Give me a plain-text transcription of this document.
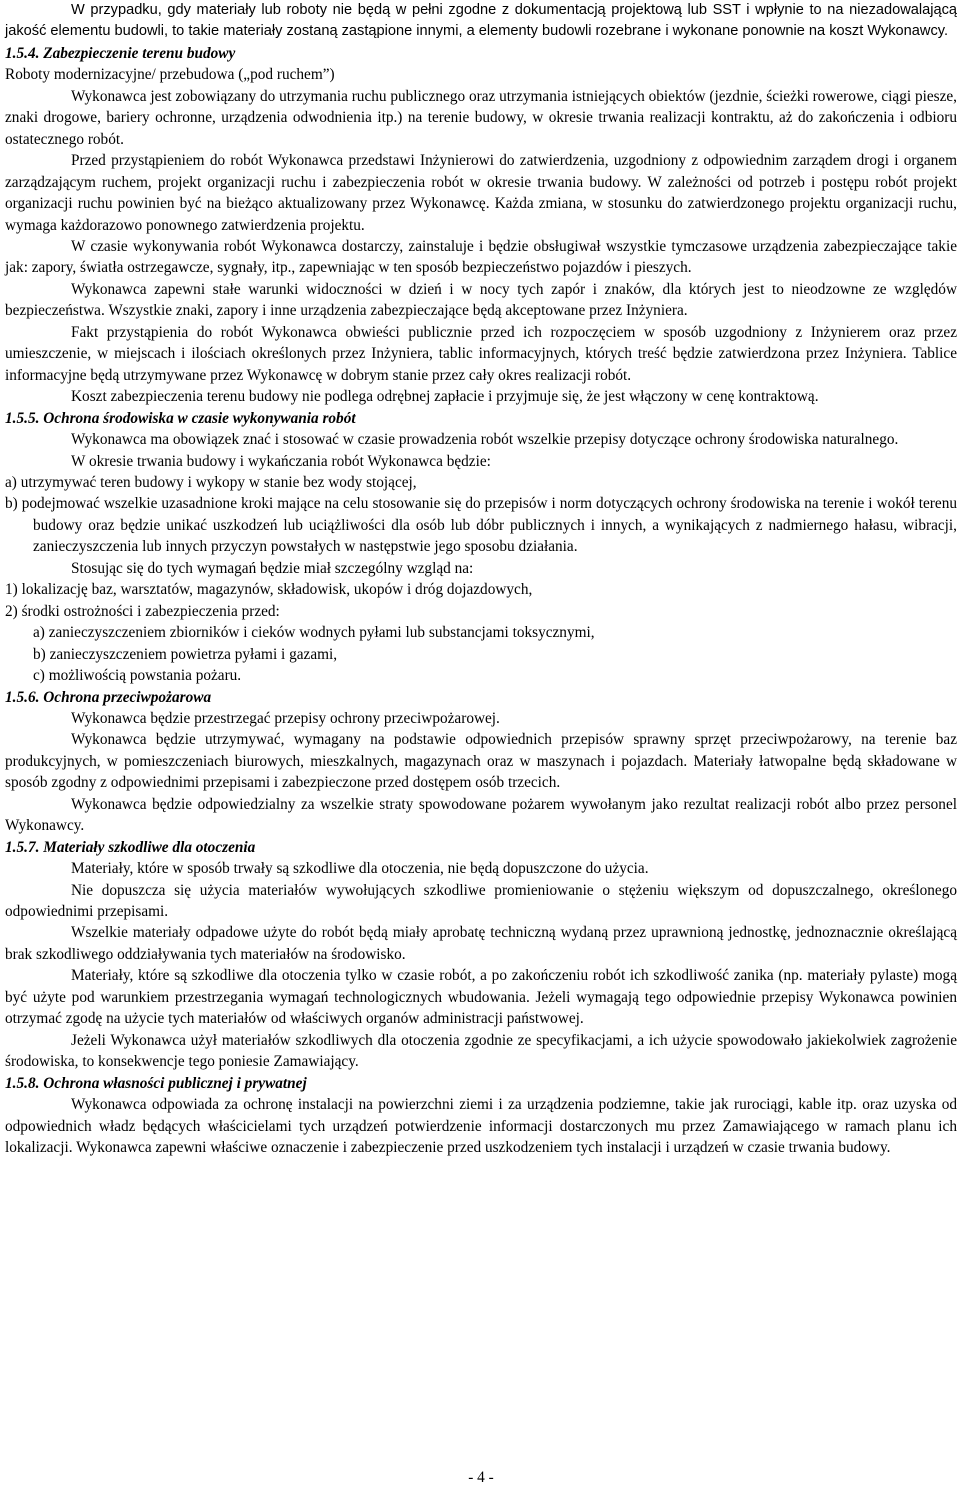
W przypadku, gdy materiały lub roboty nie będą w pełni zgodne z dokumentacją projektową lub SST i wpłynie to na niezadowalającą jakość elementu budowli, to takie materiały zostaną zastąpione innymi, a elementy budowli rozebrane i wykonane ponownie na koszt Wykonawcy.

1.5.4. Zabezpieczenie terenu budowy

Roboty modernizacyjne/ przebudowa („pod ruchem”)

Wykonawca jest zobowiązany do utrzymania ruchu publicznego oraz utrzymania istniejących obiektów (jezdnie, ścieżki rowerowe, ciągi piesze, znaki drogowe, bariery ochronne, urządzenia odwodnienia itp.) na terenie budowy, w okresie trwania realizacji kontraktu, aż do zakończenia i odbioru ostatecznego robót.

Przed przystąpieniem do robót Wykonawca przedstawi Inżynierowi do zatwierdzenia, uzgodniony z odpowiednim zarządem drogi i organem zarządzającym ruchem, projekt organizacji ruchu i zabezpieczenia robót w okresie trwania budowy. W zależności od potrzeb i postępu robót projekt organizacji ruchu powinien być na bieżąco aktualizowany przez Wykonawcę. Każda zmiana, w stosunku do zatwierdzonego projektu organizacji ruchu, wymaga każdorazowo ponownego zatwierdzenia projektu.

W czasie wykonywania robót Wykonawca dostarczy, zainstaluje i będzie obsługiwał wszystkie tymczasowe urządzenia zabezpieczające takie jak: zapory, światła ostrzegawcze, sygnały, itp., zapewniając w ten sposób bezpieczeństwo pojazdów i pieszych.

Wykonawca zapewni stałe warunki widoczności w dzień i w nocy tych zapór i znaków, dla których jest to nieodzowne ze względów bezpieczeństwa. Wszystkie znaki, zapory i inne urządzenia zabezpieczające będą akceptowane przez Inżyniera.

Fakt przystąpienia do robót Wykonawca obwieści publicznie przed ich rozpoczęciem w sposób uzgodniony z Inżynierem oraz przez umieszczenie, w miejscach i ilościach określonych przez Inżyniera, tablic informacyjnych, których treść będzie zatwierdzona przez Inżyniera. Tablice informacyjne będą utrzymywane przez Wykonawcę w dobrym stanie przez cały okres realizacji robót.

Koszt zabezpieczenia terenu budowy nie podlega odrębnej zapłacie i przyjmuje się, że jest włączony w cenę kontraktową.

1.5.5. Ochrona środowiska w czasie wykonywania robót

Wykonawca ma obowiązek znać i stosować w czasie prowadzenia robót wszelkie przepisy dotyczące ochrony środowiska naturalnego.

W okresie trwania budowy i wykańczania robót Wykonawca będzie:

a) utrzymywać teren budowy i wykopy w stanie bez wody stojącej,

b) podejmować wszelkie uzasadnione kroki mające na celu stosowanie się do przepisów i norm dotyczących ochrony środowiska na terenie i wokół terenu budowy oraz będzie unikać uszkodzeń lub uciążliwości dla osób lub dóbr publicznych i innych, a wynikających z nadmiernego hałasu, wibracji, zanieczyszczenia lub innych przyczyn powstałych w następstwie jego sposobu działania.

Stosując się do tych wymagań będzie miał szczególny wzgląd na:

1) lokalizację baz, warsztatów, magazynów, składowisk, ukopów i dróg dojazdowych,

2) środki ostrożności i zabezpieczenia przed:

a) zanieczyszczeniem zbiorników i cieków wodnych pyłami lub substancjami toksycznymi,

b) zanieczyszczeniem powietrza pyłami i gazami,

c) możliwością powstania pożaru.

1.5.6. Ochrona przeciwpożarowa

Wykonawca będzie przestrzegać przepisy ochrony przeciwpożarowej.

Wykonawca będzie utrzymywać, wymagany na podstawie odpowiednich przepisów sprawny sprzęt przeciwpożarowy, na terenie baz produkcyjnych, w pomieszczeniach biurowych, mieszkalnych, magazynach oraz w maszynach i pojazdach. Materiały łatwopalne będą składowane w sposób zgodny z odpowiednimi przepisami i zabezpieczone przed dostępem osób trzecich.

Wykonawca będzie odpowiedzialny za wszelkie straty spowodowane pożarem wywołanym jako rezultat realizacji robót albo przez personel Wykonawcy.

1.5.7. Materiały szkodliwe dla otoczenia

Materiały, które w sposób trwały są szkodliwe dla otoczenia, nie będą dopuszczone do użycia.

Nie dopuszcza się użycia materiałów wywołujących szkodliwe promieniowanie o stężeniu większym od dopuszczalnego, określonego odpowiednimi przepisami.

Wszelkie materiały odpadowe użyte do robót będą miały aprobatę techniczną wydaną przez uprawnioną jednostkę, jednoznacznie określającą brak szkodliwego oddziaływania tych materiałów na środowisko.

Materiały, które są szkodliwe dla otoczenia tylko w czasie robót, a po zakończeniu robót ich szkodliwość zanika (np. materiały pylaste) mogą być użyte pod warunkiem przestrzegania wymagań technologicznych wbudowania. Jeżeli wymagają tego odpowiednie przepisy Wykonawca powinien otrzymać zgodę na użycie tych materiałów od właściwych organów administracji państwowej.

Jeżeli Wykonawca użył materiałów szkodliwych dla otoczenia zgodnie ze specyfikacjami, a ich użycie spowodowało jakiekolwiek zagrożenie środowiska, to konsekwencje tego poniesie Zamawiający.

1.5.8. Ochrona własności publicznej i prywatnej

Wykonawca odpowiada za ochronę instalacji na powierzchni ziemi i za urządzenia podziemne, takie jak rurociągi, kable itp. oraz uzyska od odpowiednich władz będących właścicielami tych urządzeń potwierdzenie informacji dostarczonych mu przez Zamawiającego w ramach planu ich lokalizacji. Wykonawca zapewni właściwe oznaczenie i zabezpieczenie przed uszkodzeniem tych instalacji i urządzeń w czasie trwania budowy.

- 4 -
